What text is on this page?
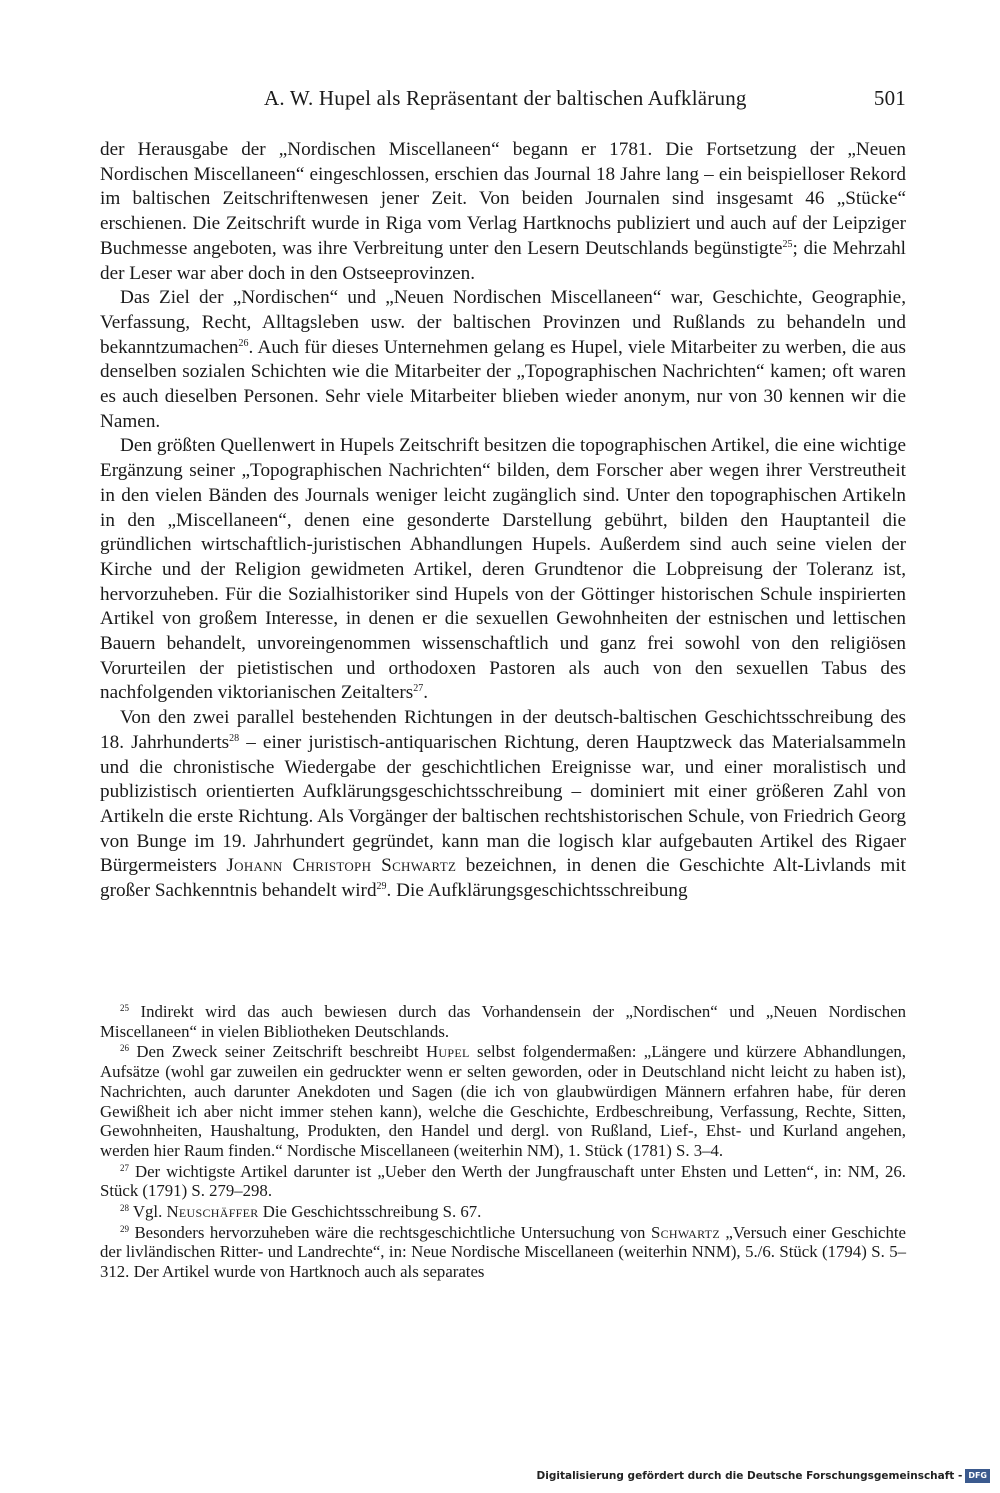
A. W. Hupel als Repräsentant der baltischen Aufklärung	501

der Herausgabe der „Nordischen Miscellaneen“ begann er 1781. Die Fortsetzung der „Neuen Nordischen Miscellaneen“ eingeschlossen, erschien das Journal 18 Jahre lang – ein beispielloser Rekord im baltischen Zeitschriftenwesen jener Zeit. Von beiden Journalen sind insgesamt 46 „Stücke“ erschienen. Die Zeitschrift wurde in Riga vom Verlag Hartknochs publiziert und auch auf der Leipziger Buchmesse angeboten, was ihre Verbreitung unter den Lesern Deutschlands begünstigte$^{25}$; die Mehrzahl der Leser war aber doch in den Ostseeprovinzen.

Das Ziel der „Nordischen“ und „Neuen Nordischen Miscellaneen“ war, Geschichte, Geographie, Verfassung, Recht, Alltagsleben usw. der baltischen Provinzen und Rußlands zu behandeln und bekanntzumachen$^{26}$. Auch für dieses Unternehmen gelang es Hupel, viele Mitarbeiter zu werben, die aus denselben sozialen Schichten wie die Mitarbeiter der „Topographischen Nachrichten“ kamen; oft waren es auch dieselben Personen. Sehr viele Mitarbeiter blieben wieder anonym, nur von 30 kennen wir die Namen.

Den größten Quellenwert in Hupels Zeitschrift besitzen die topographischen Artikel, die eine wichtige Ergänzung seiner „Topographischen Nachrichten“ bilden, dem Forscher aber wegen ihrer Verstreutheit in den vielen Bänden des Journals weniger leicht zugänglich sind. Unter den topographischen Artikeln in den „Miscellaneen“, denen eine gesonderte Darstellung gebührt, bilden den Hauptanteil die gründlichen wirtschaftlich-juristischen Abhandlungen Hupels. Außerdem sind auch seine vielen der Kirche und der Religion gewidmeten Artikel, deren Grundtenor die Lobpreisung der Toleranz ist, hervorzuheben. Für die Sozialhistoriker sind Hupels von der Göttinger historischen Schule inspirierten Artikel von großem Interesse, in denen er die sexuellen Gewohnheiten der estnischen und lettischen Bauern behandelt, unvoreingenommen wissenschaftlich und ganz frei sowohl von den religiösen Vorurteilen der pietistischen und orthodoxen Pastoren als auch von den sexuellen Tabus des nachfolgenden viktorianischen Zeitalters$^{27}$.

Von den zwei parallel bestehenden Richtungen in der deutsch-baltischen Geschichtsschreibung des 18. Jahrhunderts$^{28}$ – einer juristisch-antiquarischen Richtung, deren Hauptzweck das Materialsammeln und die chronistische Wiedergabe der geschichtlichen Ereignisse war, und einer moralistisch und publizistisch orientierten Aufklärungsgeschichtsschreibung – dominiert mit einer größeren Zahl von Artikeln die erste Richtung. Als Vorgänger der baltischen rechtshistorischen Schule, von Friedrich Georg von Bunge im 19. Jahrhundert gegründet, kann man die logisch klar aufgebauten Artikel des Rigaer Bürgermeisters Johann Christoph Schwartz bezeichnen, in denen die Geschichte Alt-Livlands mit großer Sachkenntnis behandelt wird$^{29}$. Die Aufklärungsgeschichtsschreibung

$^{25}$ Indirekt wird das auch bewiesen durch das Vorhandensein der „Nordischen“ und „Neuen Nordischen Miscellaneen“ in vielen Bibliotheken Deutschlands.

$^{26}$ Den Zweck seiner Zeitschrift beschreibt Hupel selbst folgendermaßen: „Längere und kürzere Abhandlungen, Aufsätze (wohl gar zuweilen ein gedruckter wenn er selten geworden, oder in Deutschland nicht leicht zu haben ist), Nachrichten, auch darunter Anekdoten und Sagen (die ich von glaubwürdigen Männern erfahren habe, für deren Gewißheit ich aber nicht immer stehen kann), welche die Geschichte, Erdbeschreibung, Verfassung, Rechte, Sitten, Gewohnheiten, Haushaltung, Produkten, den Handel und dergl. von Rußland, Lief-, Ehst- und Kurland angehen, werden hier Raum finden.“ Nordische Miscellaneen (weiterhin NM), 1. Stück (1781) S. 3–4.

$^{27}$ Der wichtigste Artikel darunter ist „Ueber den Werth der Jungfrauschaft unter Ehsten und Letten“, in: NM, 26. Stück (1791) S. 279–298.

$^{28}$ Vgl. Neuschäffer Die Geschichtsschreibung S. 67.

$^{29}$ Besonders hervorzuheben wäre die rechtsgeschichtliche Untersuchung von Schwartz „Versuch einer Geschichte der livländischen Ritter- und Landrechte“, in: Neue Nordische Miscellaneen (weiterhin NNM), 5./6. Stück (1794) S. 5–312. Der Artikel wurde von Hartknoch auch als separates

Digitalisierung gefördert durch die Deutsche Forschungsgemeinschaft - DFG
